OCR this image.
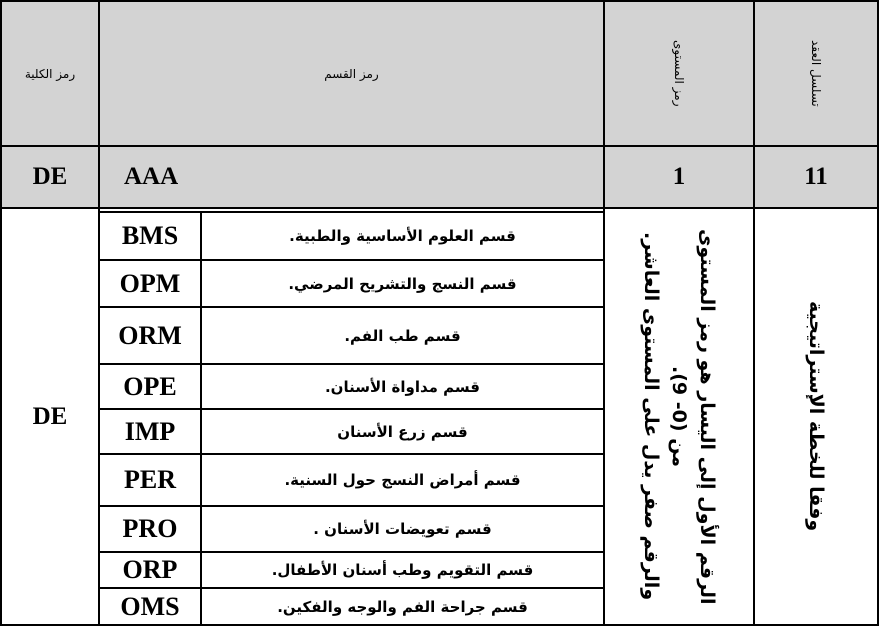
رمز الكلية	رمز القسم	رمز المستوى	تسلسل العقد
DE	AAA	1	11
DE
BMS	قسم العلوم الأساسية والطبية.
OPM	قسم النسج والتشريح المرضي.
ORM	قسم طب الفم.
OPE	قسم مداواة الأسنان.
IMP	قسم زرع الأسنان
PER	قسم أمراض النسج حول السنية.
PRO	قسم تعويضات الأسنان .
ORP	قسم التقويم وطب أسنان الأطفال.
OMS	قسم جراحة الفم والوجه والفكين.
الرقم الأول إلى اليسار هو رمز المستوى
من (0- 9).
والرقم صفر يدل على المستوى العاشر.	وفقا للخطة الإستراتيجية
